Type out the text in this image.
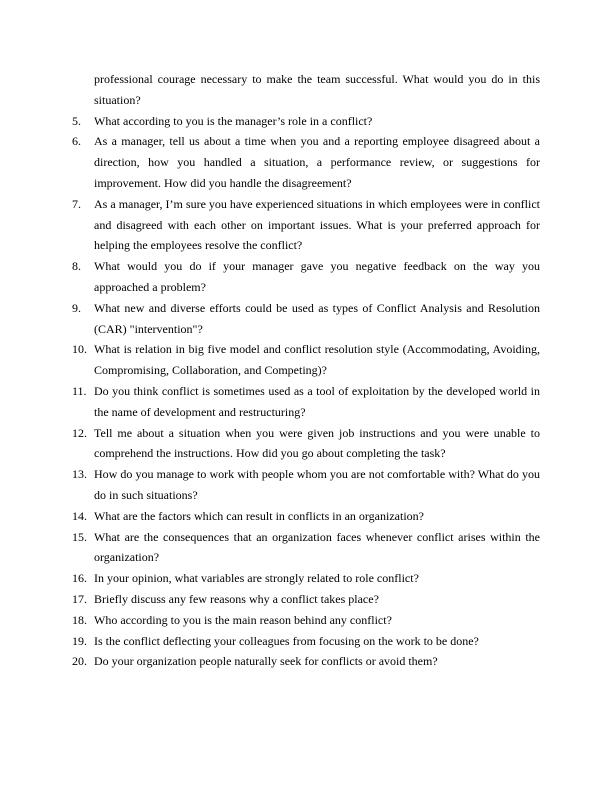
professional courage necessary to make the team successful. What would you do in this situation?
5.	What according to you is the manager’s role in a conflict?
6.	As a manager, tell us about a time when you and a reporting employee disagreed about a direction, how you handled a situation, a performance review, or suggestions for improvement. How did you handle the disagreement?
7.	As a manager, I’m sure you have experienced situations in which employees were in conflict and disagreed with each other on important issues. What is your preferred approach for helping the employees resolve the conflict?
8.	What would you do if your manager gave you negative feedback on the way you approached a problem?
9.	What new and diverse efforts could be used as types of Conflict Analysis and Resolution (CAR) "intervention"?
10. What is relation in big five model and conflict resolution style (Accommodating, Avoiding, Compromising, Collaboration, and Competing)?
11. Do you think conflict is sometimes used as a tool of exploitation by the developed world in the name of development and restructuring?
12. Tell me about a situation when you were given job instructions and you were unable to comprehend the instructions. How did you go about completing the task?
13. How do you manage to work with people whom you are not comfortable with? What do you do in such situations?
14. What are the factors which can result in conflicts in an organization?
15. What are the consequences that an organization faces whenever conflict arises within the organization?
16. In your opinion, what variables are strongly related to role conflict?
17. Briefly discuss any few reasons why a conflict takes place?
18. Who according to you is the main reason behind any conflict?
19. Is the conflict deflecting your colleagues from focusing on the work to be done?
20. Do your organization people naturally seek for conflicts or avoid them?
